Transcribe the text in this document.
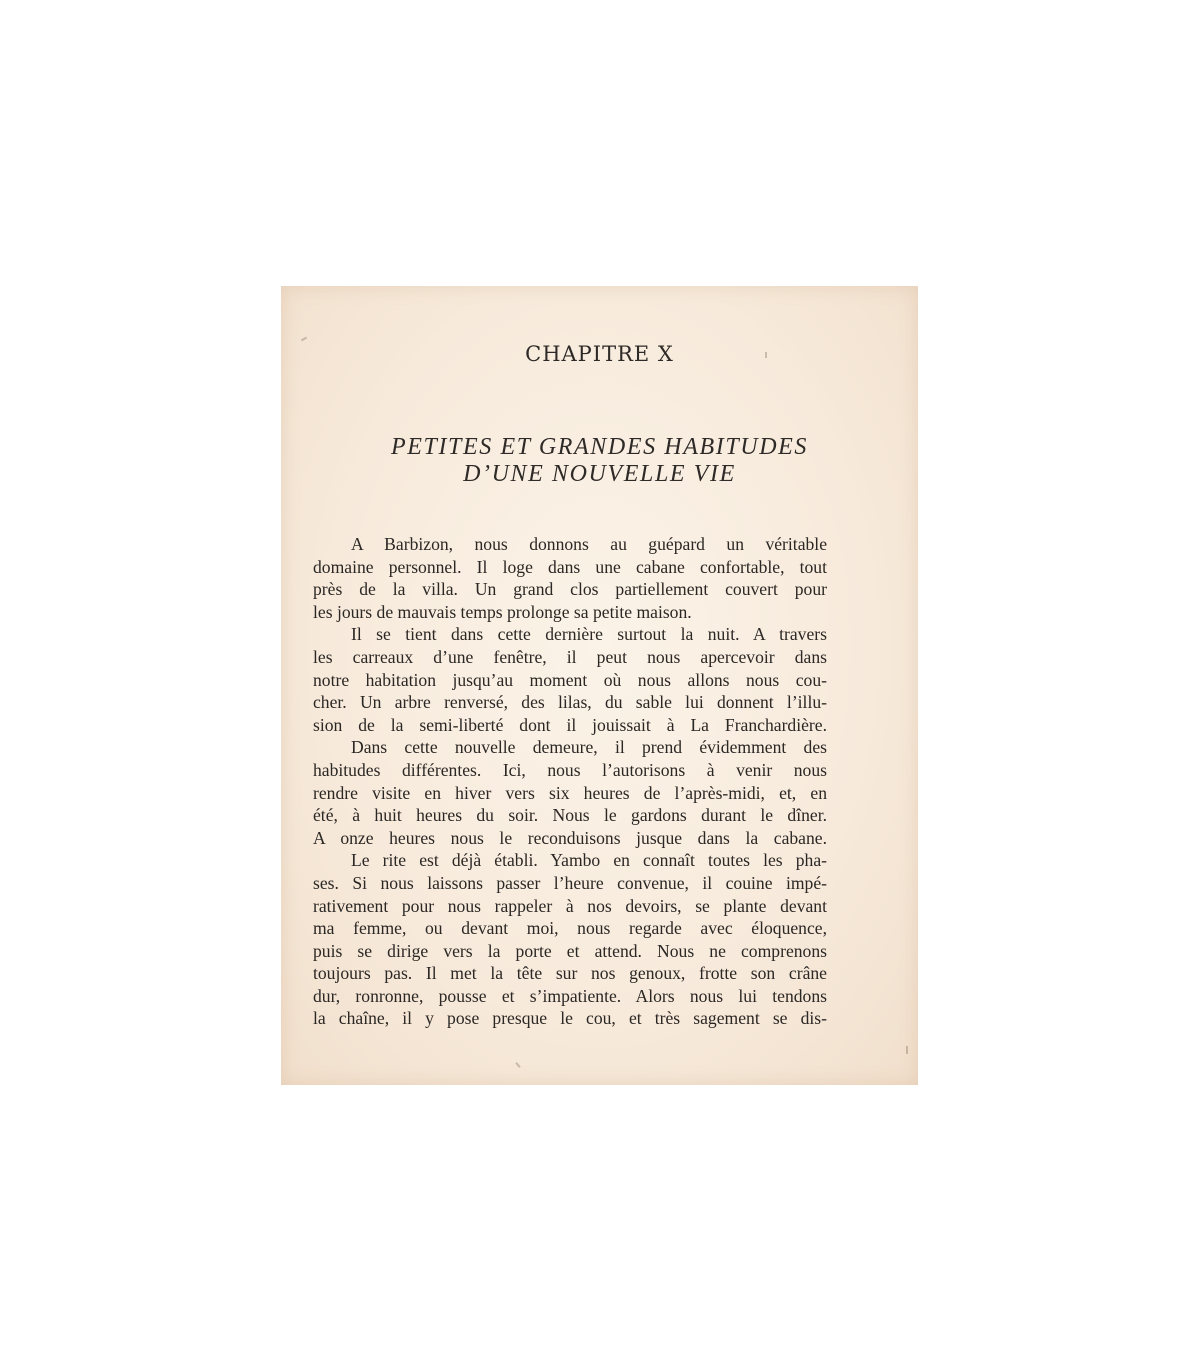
CHAPITRE X
PETITES ET GRANDES HABITUDES
D’UNE NOUVELLE VIE
A Barbizon, nous donnons au guépard un véritable
domaine personnel. Il loge dans une cabane confortable, tout
près de la villa. Un grand clos partiellement couvert pour
les jours de mauvais temps prolonge sa petite maison.
Il se tient dans cette dernière surtout la nuit. A travers
les carreaux d’une fenêtre, il peut nous apercevoir dans
notre habitation jusqu’au moment où nous allons nous cou-
cher. Un arbre renversé, des lilas, du sable lui donnent l’illu-
sion de la semi-liberté dont il jouissait à La Franchardière.
Dans cette nouvelle demeure, il prend évidemment des
habitudes différentes. Ici, nous l’autorisons à venir nous
rendre visite en hiver vers six heures de l’après-midi, et, en
été, à huit heures du soir. Nous le gardons durant le dîner.
A onze heures nous le reconduisons jusque dans la cabane.
Le rite est déjà établi. Yambo en connaît toutes les pha-
ses. Si nous laissons passer l’heure convenue, il couine impé-
rativement pour nous rappeler à nos devoirs, se plante devant
ma femme, ou devant moi, nous regarde avec éloquence,
puis se dirige vers la porte et attend. Nous ne comprenons
toujours pas. Il met la tête sur nos genoux, frotte son crâne
dur, ronronne, pousse et s’impatiente. Alors nous lui tendons
la chaîne, il y pose presque le cou, et très sagement se dis-
